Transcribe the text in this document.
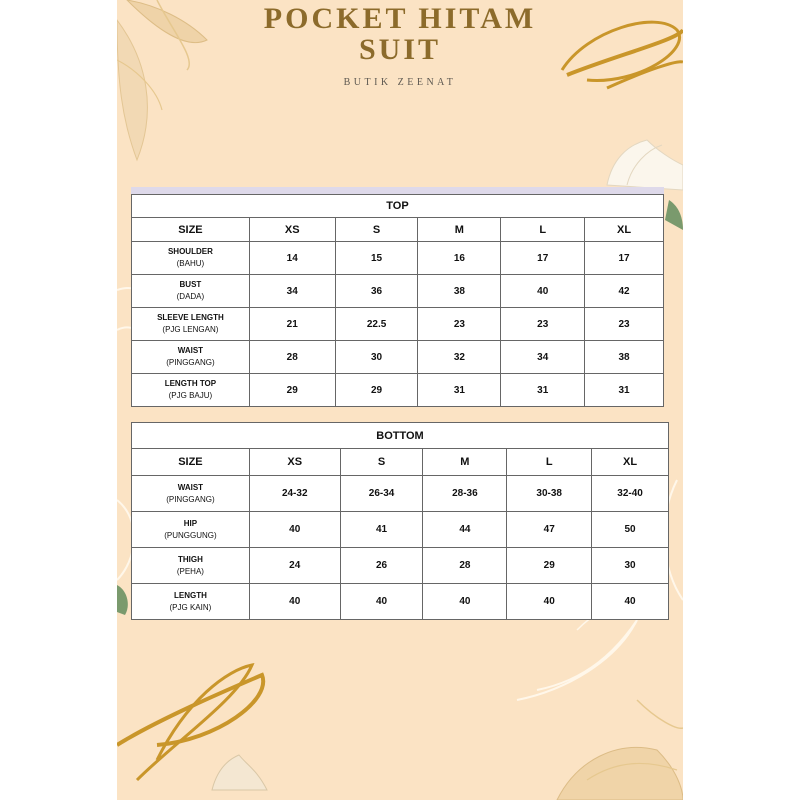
POCKET HITAM
SUIT
BUTIK ZEENAT
TOP					
SIZE	XS	S	M	L	XL

SHOULDER
(BAHU)	14	15	16	17	17

BUST
(DADA)	34	36	38	40	42

SLEEVE LENGTH
(PJG LENGAN)	21	22.5	23	23	23

WAIST
(PINGGANG)	28	30	32	34	38

LENGTH TOP
(PJG BAJU)	29	29	31	31	31
BOTTOM					
SIZE	XS	S	M	L	XL

WAIST
(PINGGANG)	24-32	26-34	28-36	30-38	32-40

HIP
(PUNGGUNG)	40	41	44	47	50

THIGH
(PEHA)	24	26	28	29	30

LENGTH
(PJG KAIN)	40	40	40	40	40
